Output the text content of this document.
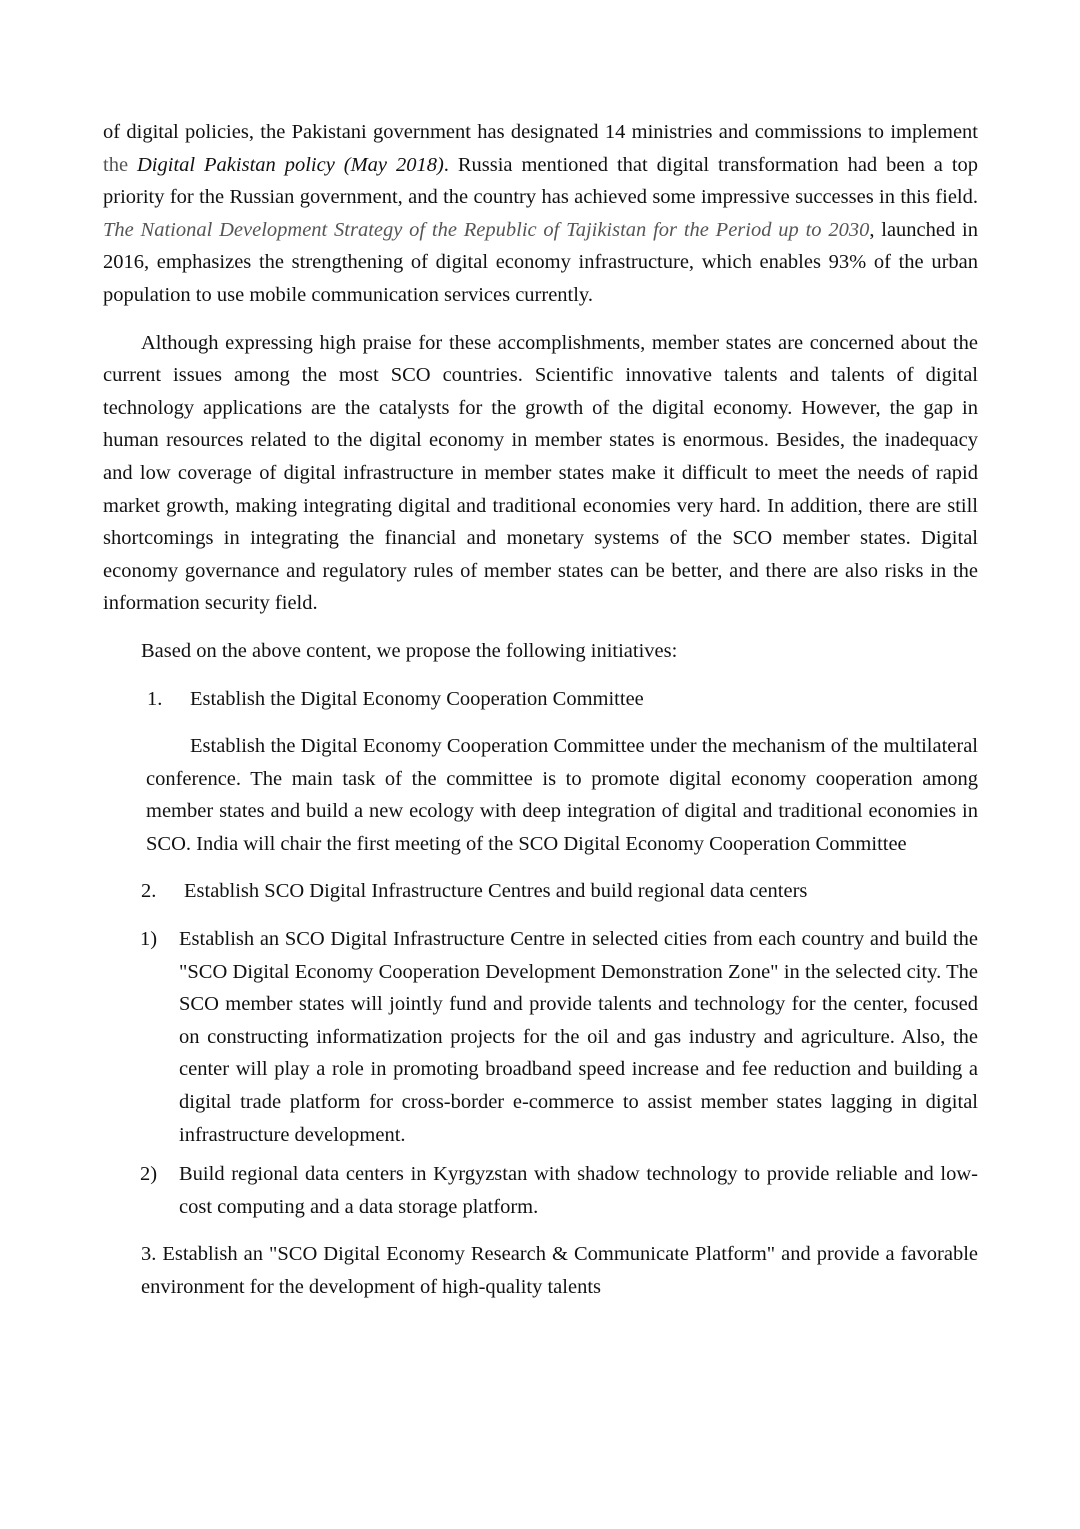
of digital policies, the Pakistani government has designated 14 ministries and commissions to implement the Digital Pakistan policy (May 2018). Russia mentioned that digital transformation had been a top priority for the Russian government, and the country has achieved some impressive successes in this field. The National Development Strategy of the Republic of Tajikistan for the Period up to 2030, launched in 2016, emphasizes the strengthening of digital economy infrastructure, which enables 93% of the urban population to use mobile communication services currently.

Although expressing high praise for these accomplishments, member states are concerned about the current issues among the most SCO countries. Scientific innovative talents and talents of digital technology applications are the catalysts for the growth of the digital economy. However, the gap in human resources related to the digital economy in member states is enormous. Besides, the inadequacy and low coverage of digital infrastructure in member states make it difficult to meet the needs of rapid market growth, making integrating digital and traditional economies very hard. In addition, there are still shortcomings in integrating the financial and monetary systems of the SCO member states. Digital economy governance and regulatory rules of member states can be better, and there are also risks in the information security field.

Based on the above content, we propose the following initiatives:

1. Establish the Digital Economy Cooperation Committee

Establish the Digital Economy Cooperation Committee under the mechanism of the multilateral conference. The main task of the committee is to promote digital economy cooperation among member states and build a new ecology with deep integration of digital and traditional economies in SCO. India will chair the first meeting of the SCO Digital Economy Cooperation Committee

2. Establish SCO Digital Infrastructure Centres and build regional data centers
1) Establish an SCO Digital Infrastructure Centre in selected cities from each country and build the "SCO Digital Economy Cooperation Development Demonstration Zone" in the selected city. The SCO member states will jointly fund and provide talents and technology for the center, focused on constructing informatization projects for the oil and gas industry and agriculture. Also, the center will play a role in promoting broadband speed increase and fee reduction and building a digital trade platform for cross-border e-commerce to assist member states lagging in digital infrastructure development.
2) Build regional data centers in Kyrgyzstan with shadow technology to provide reliable and low-cost computing and a data storage platform.

3. Establish an "SCO Digital Economy Research & Communicate Platform" and provide a favorable environment for the development of high-quality talents
